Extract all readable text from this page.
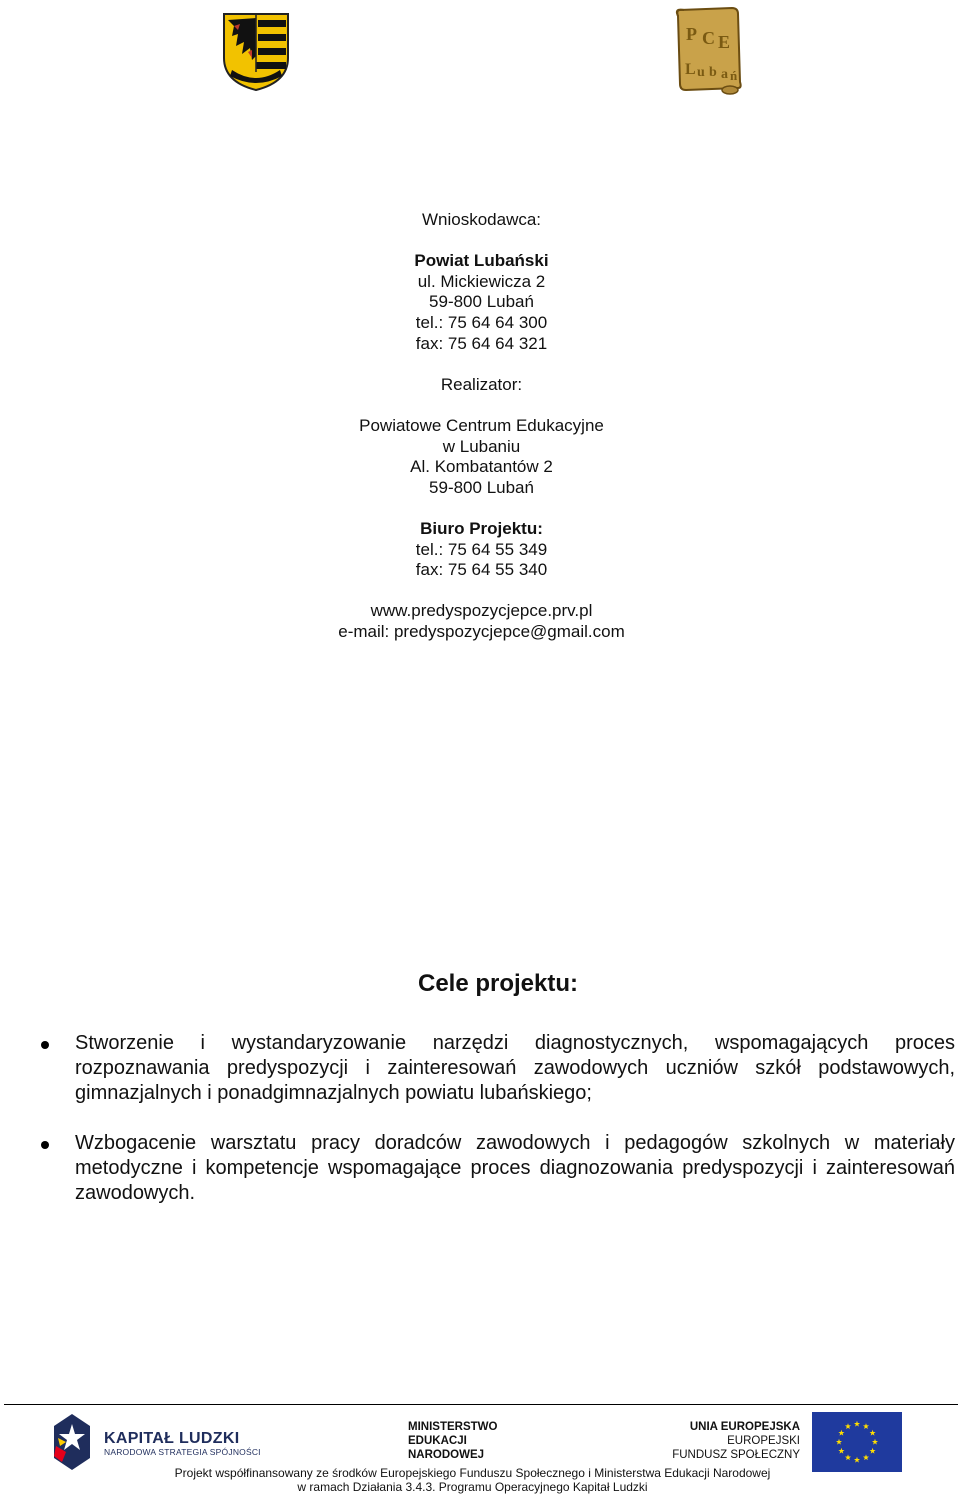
P C E
L u b a ń
Wnioskodawca:
Powiat Lubański
ul. Mickiewicza 2
59-800 Lubań
tel.: 75 64 64 300
fax: 75 64 64 321
Realizator:
Powiatowe Centrum Edukacyjne
w Lubaniu
Al. Kombatantów 2
59-800 Lubań
Biuro Projektu:
tel.: 75 64 55 349
fax: 75 64 55 340
www.predyspozycjepce.prv.pl
e-mail: predyspozycjepce@gmail.com
Cele projektu:
Stworzenie i wystandaryzowanie narzędzi diagnostycznych, wspomagających proces rozpoznawania predyspozycji i zainteresowań zawodowych uczniów szkół podstawowych, gimnazjalnych i ponadgimnazjalnych powiatu lubańskiego;
Wzbogacenie warsztatu pracy doradców zawodowych i pedagogów szkolnych w materiały metodyczne i kompetencje wspomagające proces diagnozowania predyspozycji i zainteresowań zawodowych.
KAPITAŁ LUDZKI
NARODOWA STRATEGIA SPÓJNOŚCI
MINISTERSTWO
EDUKACJI
NARODOWEJ
UNIA EUROPEJSKA
EUROPEJSKI
FUNDUSZ SPOŁECZNY
Projekt współfinansowany ze środków Europejskiego Funduszu Społecznego i Ministerstwa Edukacji Narodowej
w ramach Działania 3.4.3. Programu Operacyjnego Kapitał Ludzki
